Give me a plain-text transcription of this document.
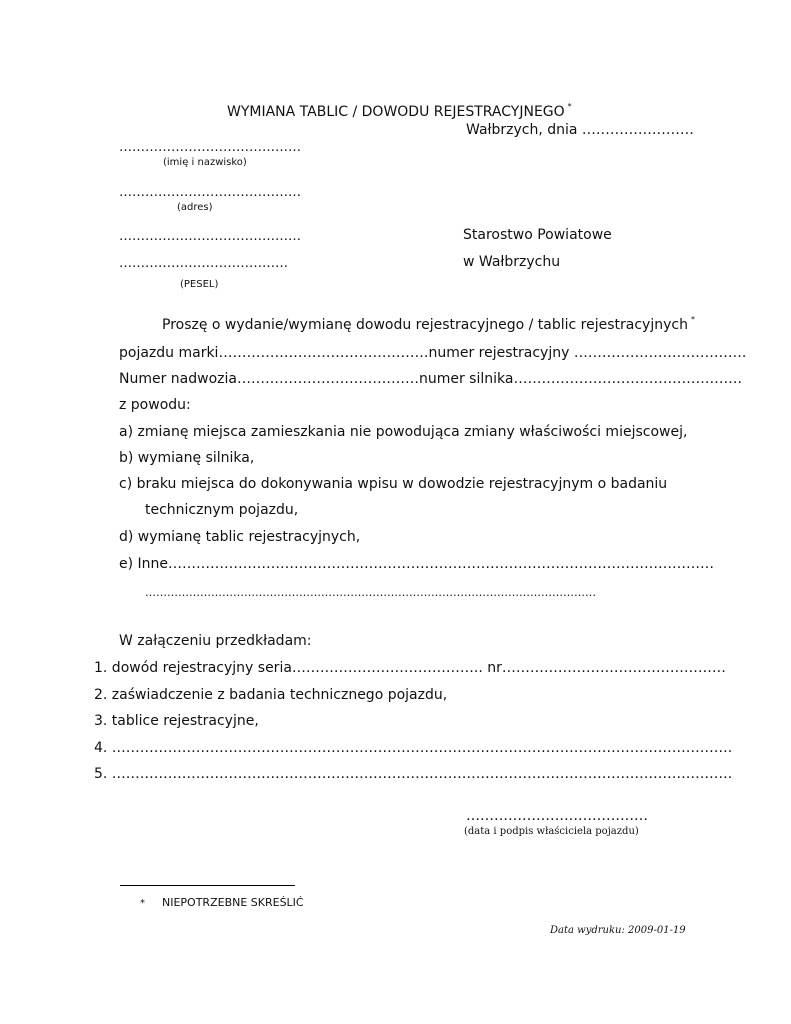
WYMIANA TABLIC / DOWODU REJESTRACYJNEGO *
Wałbrzych, dnia ……………………
……………………………………
(imię i nazwisko)
……………………………………
(adres)
……………………………………	Starostwo Powiatowe
…………………………………	w Wałbrzychu
(PESEL)
Proszę o wydanie/wymianę dowodu rejestracyjnego / tablic rejestracyjnych *
pojazdu marki………………………………………numer rejestracyjny ……………………………….
Numer nadwozia…………………………………numer silnika………………………………………….
z powodu:
a) zmianę miejsca zamieszkania nie powodująca zmiany właściwości miejscowej,
b) wymianę silnika,
c) braku miejsca do dokonywania wpisu w dowodzie rejestracyjnym o badaniu
technicznym pojazdu,
d) wymianę tablic rejestracyjnych,
e) Inne………………………………………………………………………………………………………
……………………………………………………………………………………………………………
W załączeniu przedkładam:
1. dowód rejestracyjny seria………………………………….. nr…………………………………………
2. zaświadczenie z badania technicznego pojazdu,
3. tablice rejestracyjne,
4. …………………………………………………………………………………………………………………….
5. …………………………………………………………………………………………………………………….
…………………………………
(data i podpis właściciela pojazdu)
* NIEPOTRZEBNE SKREŚLIĆ
Data wydruku: 2009-01-19
